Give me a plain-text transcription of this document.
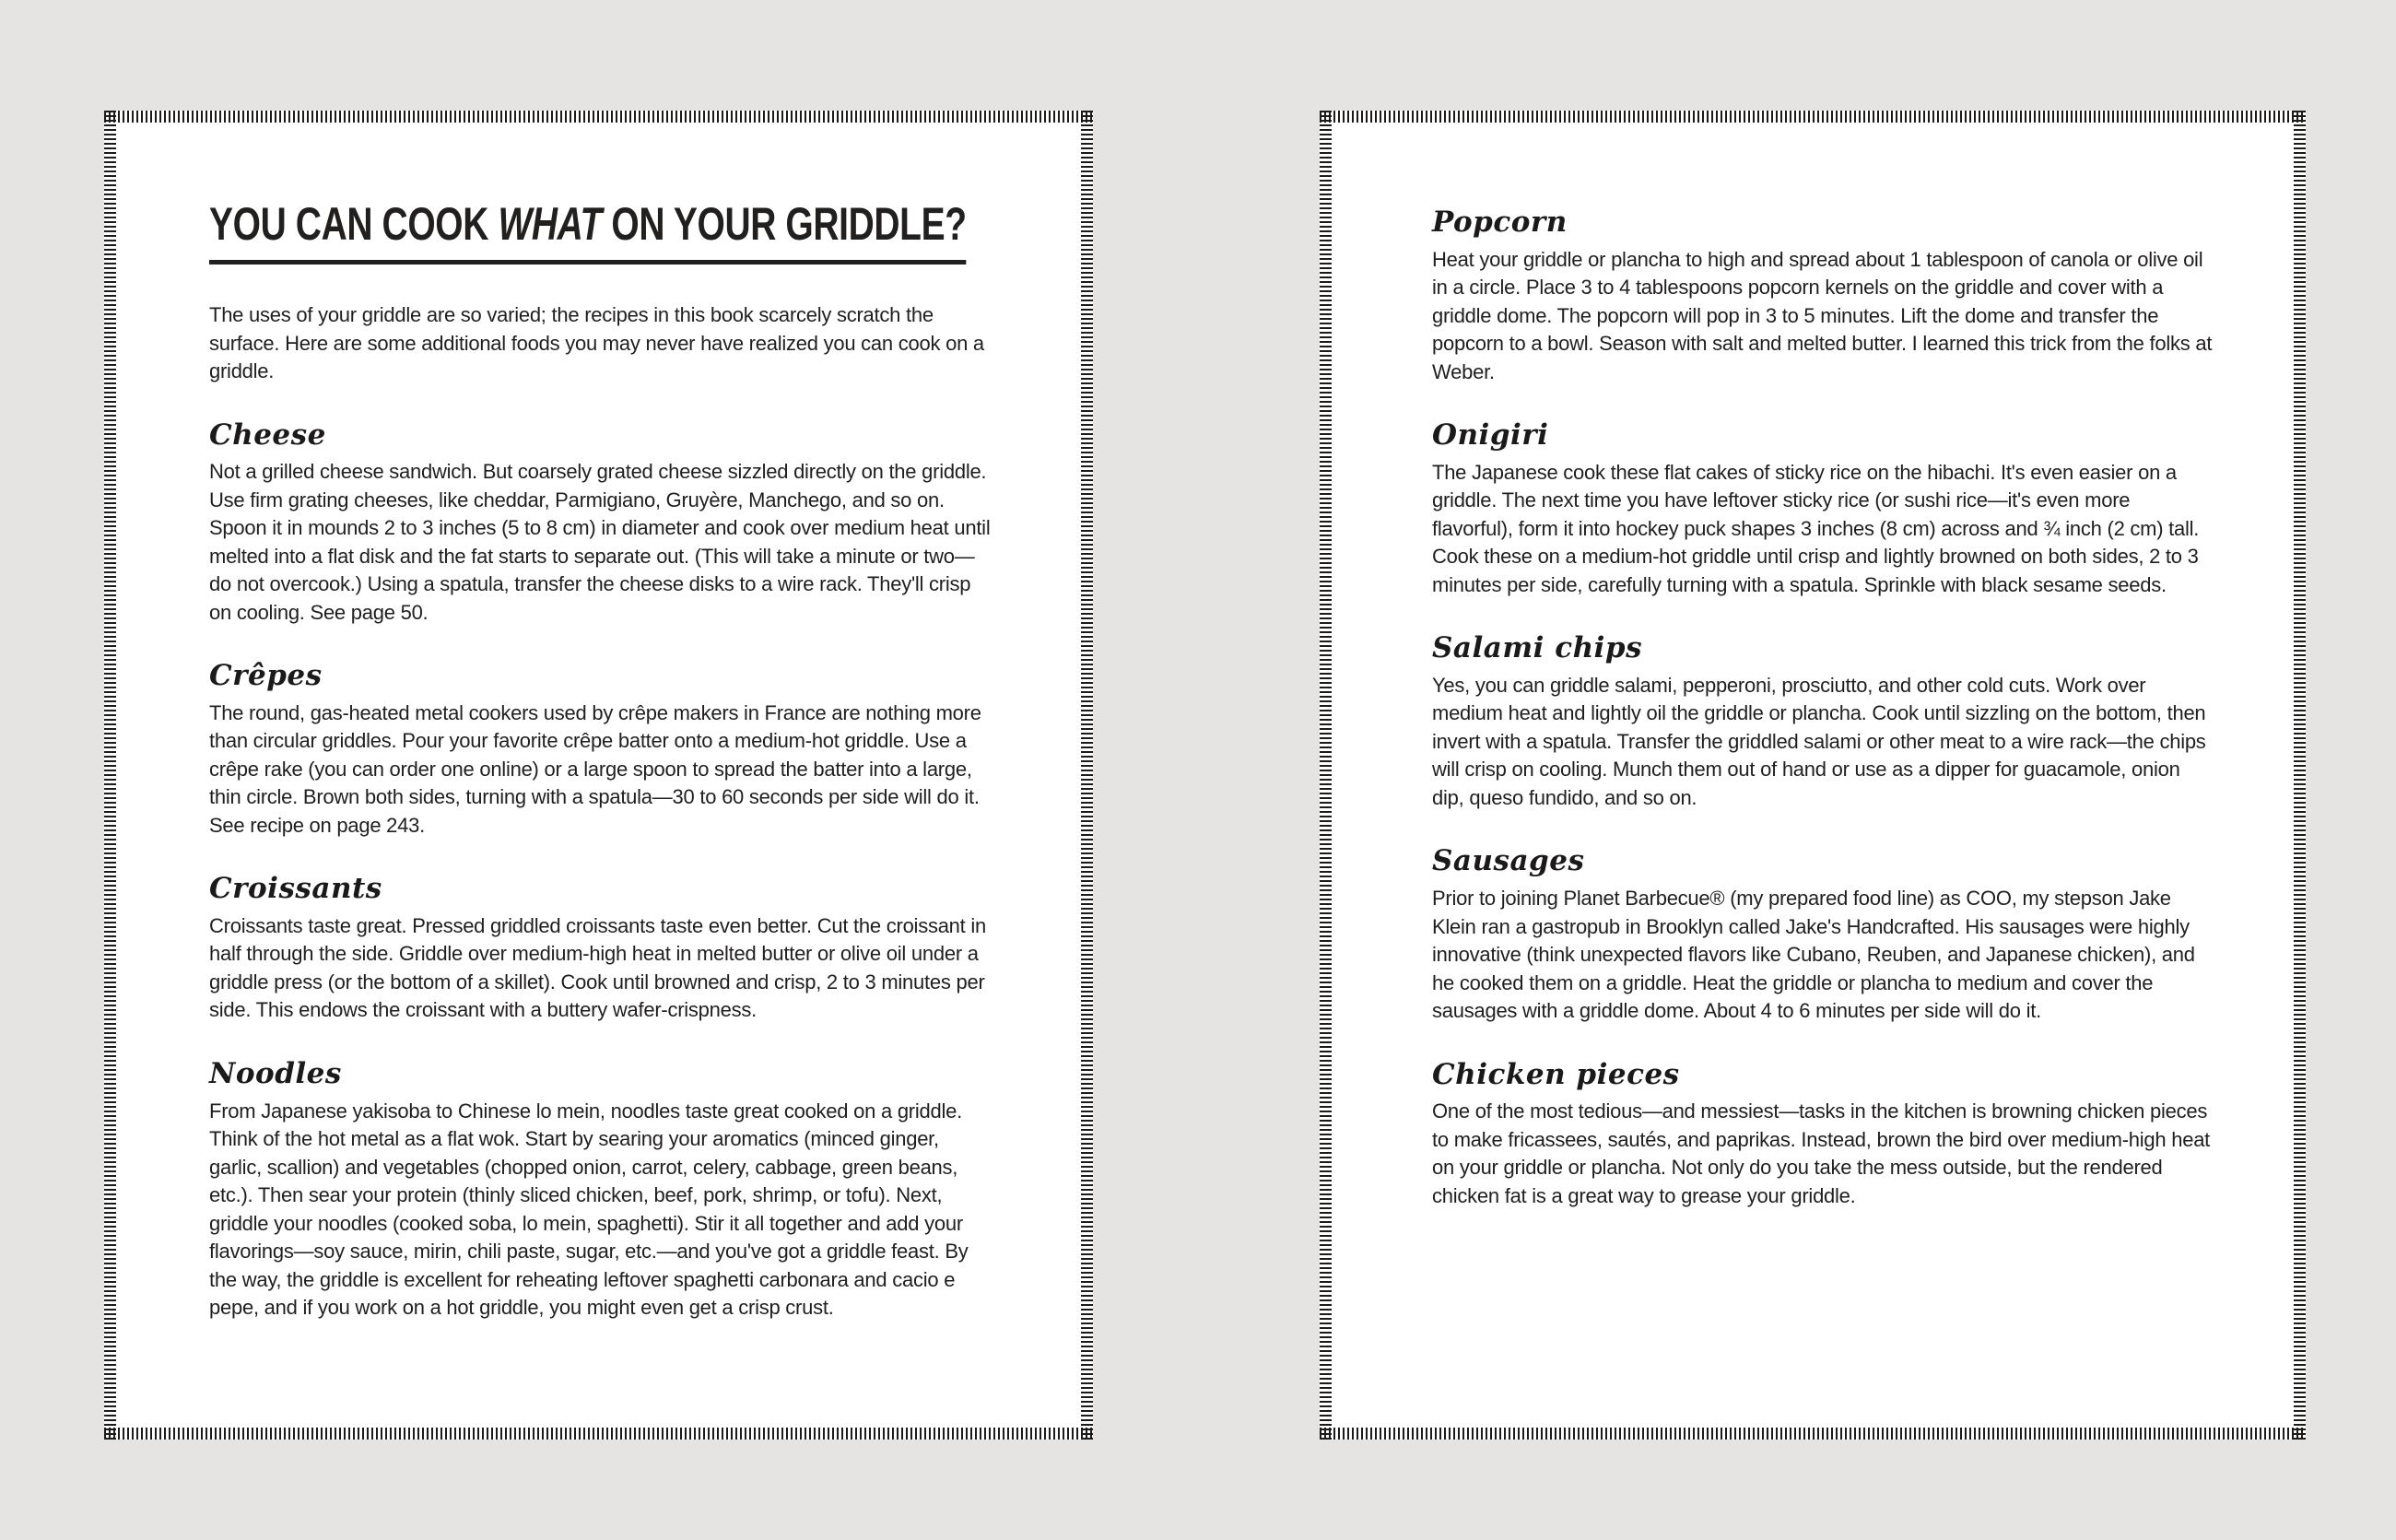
YOU CAN COOK WHAT ON YOUR GRIDDLE?

The uses of your griddle are so varied; the recipes in this book scarcely scratch the surface. Here are some additional foods you may never have realized you can cook on a griddle.

Cheese

Not a grilled cheese sandwich. But coarsely grated cheese sizzled directly on the griddle. Use firm grating cheeses, like cheddar, Parmigiano, Gruyère, Manchego, and so on. Spoon it in mounds 2 to 3 inches (5 to 8 cm) in diameter and cook over medium heat until melted into a flat disk and the fat starts to separate out. (This will take a minute or two—do not overcook.) Using a spatula, transfer the cheese disks to a wire rack. They'll crisp on cooling. See page 50.

Crêpes

The round, gas-heated metal cookers used by crêpe makers in France are nothing more than circular griddles. Pour your favorite crêpe batter onto a medium-hot griddle. Use a crêpe rake (you can order one online) or a large spoon to spread the batter into a large, thin circle. Brown both sides, turning with a spatula—30 to 60 seconds per side will do it. See recipe on page 243.

Croissants

Croissants taste great. Pressed griddled croissants taste even better. Cut the croissant in half through the side. Griddle over medium-high heat in melted butter or olive oil under a griddle press (or the bottom of a skillet). Cook until browned and crisp, 2 to 3 minutes per side. This endows the croissant with a buttery wafer-crispness.

Noodles

From Japanese yakisoba to Chinese lo mein, noodles taste great cooked on a griddle. Think of the hot metal as a flat wok. Start by searing your aromatics (minced ginger, garlic, scallion) and vegetables (chopped onion, carrot, celery, cabbage, green beans, etc.). Then sear your protein (thinly sliced chicken, beef, pork, shrimp, or tofu). Next, griddle your noodles (cooked soba, lo mein, spaghetti). Stir it all together and add your flavorings—soy sauce, mirin, chili paste, sugar, etc.—and you've got a griddle feast. By the way, the griddle is excellent for reheating leftover spaghetti carbonara and cacio e pepe, and if you work on a hot griddle, you might even get a crisp crust.

Popcorn

Heat your griddle or plancha to high and spread about 1 tablespoon of canola or olive oil in a circle. Place 3 to 4 tablespoons popcorn kernels on the griddle and cover with a griddle dome. The popcorn will pop in 3 to 5 minutes. Lift the dome and transfer the popcorn to a bowl. Season with salt and melted butter. I learned this trick from the folks at Weber.

Onigiri

The Japanese cook these flat cakes of sticky rice on the hibachi. It's even easier on a griddle. The next time you have leftover sticky rice (or sushi rice—it's even more flavorful), form it into hockey puck shapes 3 inches (8 cm) across and ¾ inch (2 cm) tall. Cook these on a medium-hot griddle until crisp and lightly browned on both sides, 2 to 3 minutes per side, carefully turning with a spatula. Sprinkle with black sesame seeds.

Salami chips

Yes, you can griddle salami, pepperoni, prosciutto, and other cold cuts. Work over medium heat and lightly oil the griddle or plancha. Cook until sizzling on the bottom, then invert with a spatula. Transfer the griddled salami or other meat to a wire rack—the chips will crisp on cooling. Munch them out of hand or use as a dipper for guacamole, onion dip, queso fundido, and so on.

Sausages

Prior to joining Planet Barbecue® (my prepared food line) as COO, my stepson Jake Klein ran a gastropub in Brooklyn called Jake's Handcrafted. His sausages were highly innovative (think unexpected flavors like Cubano, Reuben, and Japanese chicken), and he cooked them on a griddle. Heat the griddle or plancha to medium and cover the sausages with a griddle dome. About 4 to 6 minutes per side will do it.

Chicken pieces

One of the most tedious—and messiest—tasks in the kitchen is browning chicken pieces to make fricassees, sautés, and paprikas. Instead, brown the bird over medium-high heat on your griddle or plancha. Not only do you take the mess outside, but the rendered chicken fat is a great way to grease your griddle.
